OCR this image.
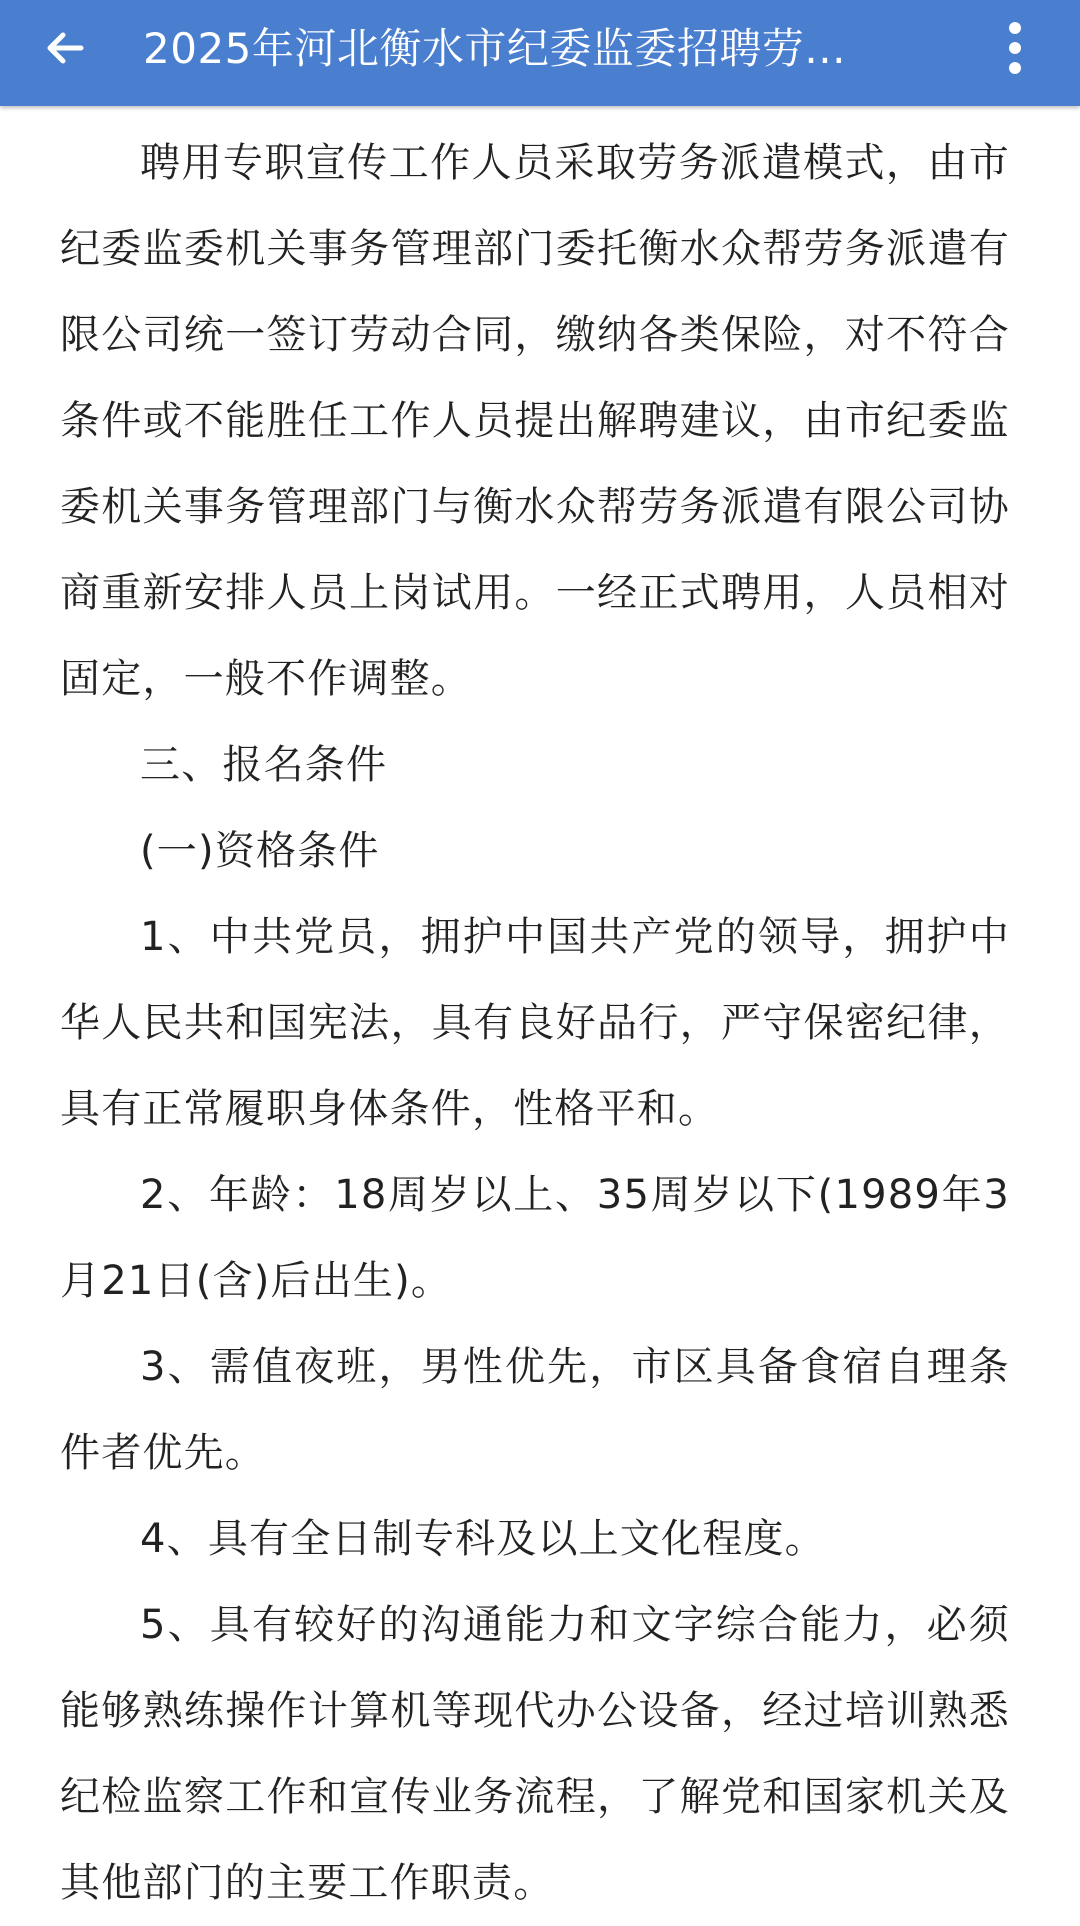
2025年河北衡水市纪委监委招聘劳...

聘用专职宣传工作人员采取劳务派遣模式，由市纪委监委机关事务管理部门委托衡水众帮劳务派遣有限公司统一签订劳动合同，缴纳各类保险，对不符合条件或不能胜任工作人员提出解聘建议，由市纪委监委机关事务管理部门与衡水众帮劳务派遣有限公司协商重新安排人员上岗试用。一经正式聘用，人员相对固定，一般不作调整。

三、报名条件

(一)资格条件

1、中共党员，拥护中国共产党的领导，拥护中华人民共和国宪法，具有良好品行，严守保密纪律，具有正常履职身体条件，性格平和。

2、年龄：18周岁以上、35周岁以下(1989年3月21日(含)后出生)。

3、需值夜班，男性优先，市区具备食宿自理条件者优先。

4、具有全日制专科及以上文化程度。

5、具有较好的沟通能力和文字综合能力，必须能够熟练操作计算机等现代办公设备，经过培训熟悉纪检监察工作和宣传业务流程，了解党和国家机关及其他部门的主要工作职责。
